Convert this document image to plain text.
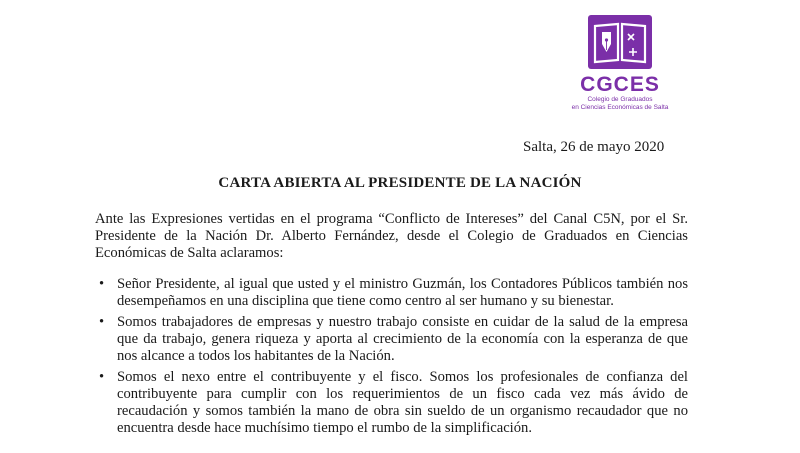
CGCES
Colegio de Graduados
en Ciencias Económicas de Salta
Salta, 26 de mayo 2020
CARTA ABIERTA AL PRESIDENTE DE LA NACIÓN
Ante las Expresiones vertidas en el programa “Conflicto de Intereses” del Canal C5N, por el Sr. Presidente de la Nación Dr. Alberto Fernández, desde el Colegio de Graduados en Ciencias Económicas de Salta aclaramos:
• Señor Presidente, al igual que usted y el ministro Guzmán, los Contadores Públicos también nos desempeñamos en una disciplina que tiene como centro al ser humano y su bienestar.
• Somos trabajadores de empresas y nuestro trabajo consiste en cuidar de la salud de la empresa que da trabajo, genera riqueza y aporta al crecimiento de la economía con la esperanza de que nos alcance a todos los habitantes de la Nación.
• Somos el nexo entre el contribuyente y el fisco. Somos los profesionales de confianza del contribuyente para cumplir con los requerimientos de un fisco cada vez más ávido de recaudación y somos también la mano de obra sin sueldo de un organismo recaudador que no encuentra desde hace muchísimo tiempo el rumbo de la simplificación.
